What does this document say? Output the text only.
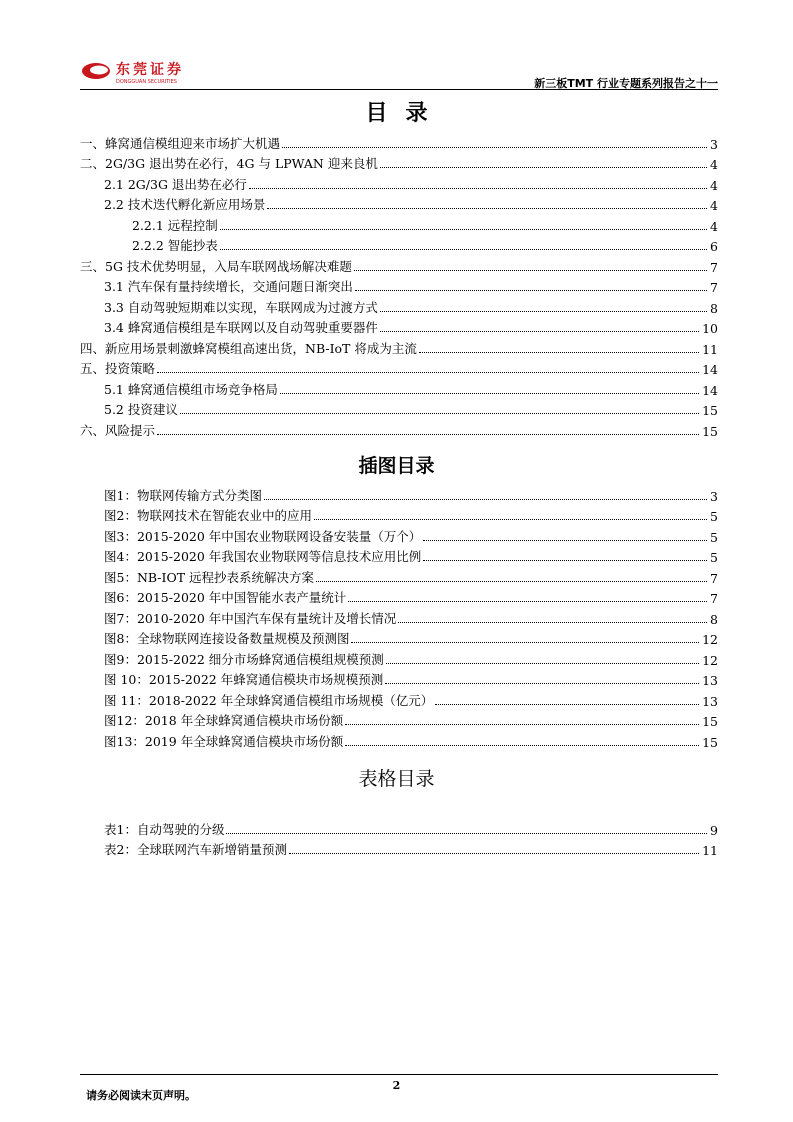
东莞证券
DONGGUAN SECURITIES	新三板TMT 行业专题系列报告之十一
目录
一、蜂窝通信模组迎来市场扩大机遇	3
二、2G/3G 退出势在必行，4G 与 LPWAN 迎来良机	4
2.1 2G/3G 退出势在必行	4
2.2 技术迭代孵化新应用场景	4
2.2.1 远程控制	4
2.2.2 智能抄表	6
三、5G 技术优势明显，入局车联网战场解决难题	7
3.1 汽车保有量持续增长，交通问题日渐突出	7
3.3 自动驾驶短期难以实现，车联网成为过渡方式	8
3.4 蜂窝通信模组是车联网以及自动驾驶重要器件	10
四、新应用场景刺激蜂窝模组高速出货，NB-IoT 将成为主流	11
五、投资策略	14
5.1 蜂窝通信模组市场竞争格局	14
5.2 投资建议	15
六、风险提示	15
插图目录
图1：物联网传输方式分类图	3
图2：物联网技术在智能农业中的应用	5
图3：2015-2020 年中国农业物联网设备安装量（万个）	5
图4：2015-2020 年我国农业物联网等信息技术应用比例	5
图5：NB-IOT 远程抄表系统解决方案	7
图6：2015-2020 年中国智能水表产量统计	7
图7：2010-2020 年中国汽车保有量统计及增长情况	8
图8：全球物联网连接设备数量规模及预测图	12
图9：2015-2022 细分市场蜂窝通信模组规模预测	12
图 10：2015-2022 年蜂窝通信模块市场规模预测	13
图 11：2018-2022 年全球蜂窝通信模组市场规模（亿元）	13
图12：2018 年全球蜂窝通信模块市场份额	15
图13：2019 年全球蜂窝通信模块市场份额	15
表格目录
表1：自动驾驶的分级	9
表2：全球联网汽车新增销量预测	11
请务必阅读末页声明。
2
